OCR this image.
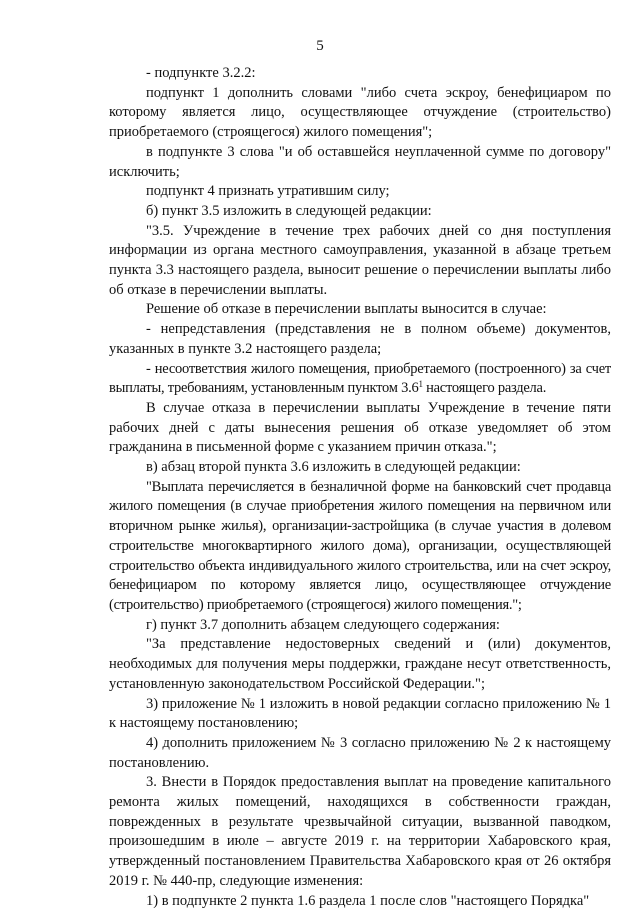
5

- подпункте 3.2.2:

подпункт 1 дополнить словами "либо счета эскроу, бенефициаром по которому является лицо, осуществляющее отчуждение (строительство) приобретаемого (строящегося) жилого помещения";

в подпункте 3 слова "и об оставшейся неуплаченной сумме по договору" исключить;

подпункт 4 признать утратившим силу;

б) пункт 3.5 изложить в следующей редакции:

"3.5. Учреждение в течение трех рабочих дней со дня поступления информации из органа местного самоуправления, указанной в абзаце третьем пункта 3.3 настоящего раздела, выносит решение о перечислении выплаты либо об отказе в перечислении выплаты.

Решение об отказе в перечислении выплаты выносится в случае:

- непредставления (представления не в полном объеме) документов, указанных в пункте 3.2 настоящего раздела;

- несоответствия жилого помещения, приобретаемого (построенного) за счет выплаты, требованиям, установленным пунктом $3.6^1$ настоящего раздела.

В случае отказа в перечислении выплаты Учреждение в течение пяти рабочих дней с даты вынесения решения об отказе уведомляет об этом гражданина в письменной форме с указанием причин отказа.";

в) абзац второй пункта 3.6 изложить в следующей редакции:

"Выплата перечисляется в безналичной форме на банковский счет продавца жилого помещения (в случае приобретения жилого помещения на первичном или вторичном рынке жилья), организации-застройщика (в случае участия в долевом строительстве многоквартирного жилого дома), организации, осуществляющей строительство объекта индивидуального жилого строительства, или на счет эскроу, бенефициаром по которому является лицо, осуществляющее отчуждение (строительство) приобретаемого (строящегося) жилого помещения.";

г) пункт 3.7 дополнить абзацем следующего содержания:

"За представление недостоверных сведений и (или) документов, необходимых для получения меры поддержки, граждане несут ответственность, установленную законодательством Российской Федерации.";

3) приложение № 1 изложить в новой редакции согласно приложению № 1 к настоящему постановлению;

4) дополнить приложением № 3 согласно приложению № 2 к настоящему постановлению.

3. Внести в Порядок предоставления выплат на проведение капитального ремонта жилых помещений, находящихся в собственности граждан, поврежденных в результате чрезвычайной ситуации, вызванной паводком, произошедшим в июле – августе 2019 г. на территории Хабаровского края, утвержденный постановлением Правительства Хабаровского края от 26 октября 2019 г. № 440-пр, следующие изменения:

1) в подпункте 2 пункта 1.6 раздела 1 после слов "настоящего Порядка"
